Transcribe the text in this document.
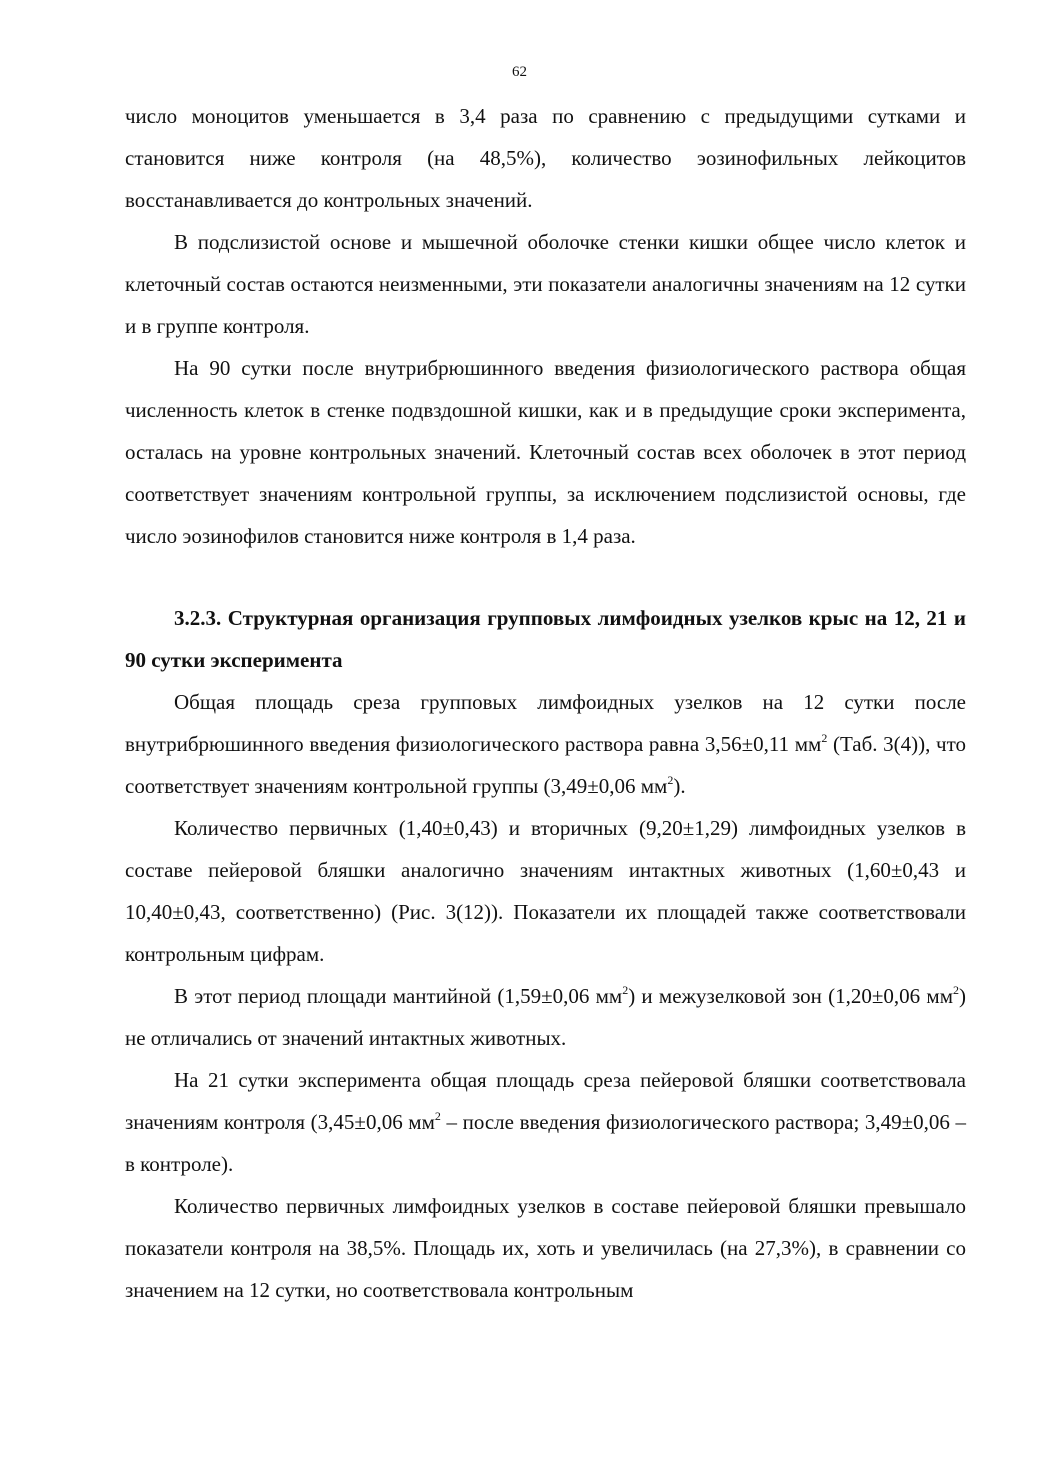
62

число моноцитов уменьшается в 3,4 раза по сравнению с предыдущими сутками и становится ниже контроля (на 48,5%), количество эозинофильных лейкоцитов восстанавливается до контрольных значений.

В подслизистой основе и мышечной оболочке стенки кишки общее число клеток и клеточный состав остаются неизменными, эти показатели аналогичны значениям на 12 сутки и в группе контроля.

На 90 сутки после внутрибрюшинного введения физиологического раствора общая численность клеток в стенке подвздошной кишки, как и в предыдущие сроки эксперимента, осталась на уровне контрольных значений. Клеточный состав всех оболочек в этот период соответствует значениям контрольной группы, за исключением подслизистой основы, где число эозинофилов становится ниже контроля в 1,4 раза.

3.2.3. Структурная организация групповых лимфоидных узелков крыс на 12, 21 и 90 сутки эксперимента

Общая площадь среза групповых лимфоидных узелков на 12 сутки после внутрибрюшинного введения физиологического раствора равна 3,56±0,11 $мм^2$ (Таб. 3(4)), что соответствует значениям контрольной группы (3,49±0,06 $мм^2$).

Количество первичных (1,40±0,43) и вторичных (9,20±1,29) лимфоидных узелков в составе пейеровой бляшки аналогично значениям интактных животных (1,60±0,43 и 10,40±0,43, соответственно) (Рис. 3(12)). Показатели их площадей также соответствовали контрольным цифрам.

В этот период площади мантийной (1,59±0,06 $мм^2$) и межузелковой зон (1,20±0,06 $мм^2$) не отличались от значений интактных животных.

На 21 сутки эксперимента общая площадь среза пейеровой бляшки соответствовала значениям контроля (3,45±0,06 $мм^2$ – после введения физиологического раствора; 3,49±0,06 – в контроле).

Количество первичных лимфоидных узелков в составе пейеровой бляшки превышало показатели контроля на 38,5%. Площадь их, хоть и увеличилась (на 27,3%), в сравнении со значением на 12 сутки, но соответствовала контрольным
